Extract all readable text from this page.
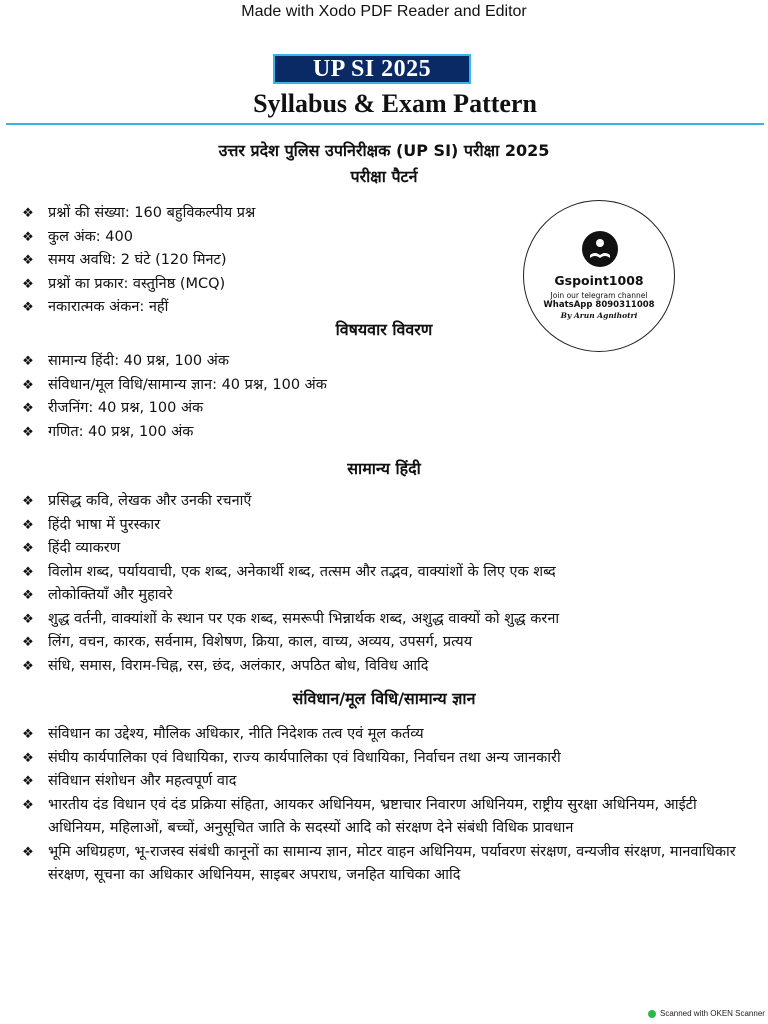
Made with Xodo PDF Reader and Editor
UP SI 2025
Syllabus & Exam Pattern
उत्तर प्रदेश पुलिस उपनिरीक्षक (UP SI) परीक्षा 2025
परीक्षा पैटर्न
❖ प्रश्नों की संख्या: 160 बहुविकल्पीय प्रश्न
❖ कुल अंक: 400
❖ समय अवधि: 2 घंटे (120 मिनट)
❖ प्रश्नों का प्रकार: वस्तुनिष्ठ (MCQ)
❖ नकारात्मक अंकन: नहीं
Gspoint1008
Join our telegram channel
WhatsApp 8090311008
By Arun Agnihotri
विषयवार विवरण
❖ सामान्य हिंदी: 40 प्रश्न, 100 अंक
❖ संविधान/मूल विधि/सामान्य ज्ञान: 40 प्रश्न, 100 अंक
❖ रीजनिंग: 40 प्रश्न, 100 अंक
❖ गणित: 40 प्रश्न, 100 अंक
सामान्य हिंदी
❖ प्रसिद्ध कवि, लेखक और उनकी रचनाएँ
❖ हिंदी भाषा में पुरस्कार
❖ हिंदी व्याकरण
❖ विलोम शब्द, पर्यायवाची, एक शब्द, अनेकार्थी शब्द, तत्सम और तद्भव, वाक्यांशों के लिए एक शब्द
❖ लोकोक्तियाँ और मुहावरे
❖ शुद्ध वर्तनी, वाक्यांशों के स्थान पर एक शब्द, समरूपी भिन्नार्थक शब्द, अशुद्ध वाक्यों को शुद्ध करना
❖ लिंग, वचन, कारक, सर्वनाम, विशेषण, क्रिया, काल, वाच्य, अव्यय, उपसर्ग, प्रत्यय
❖ संधि, समास, विराम-चिह्न, रस, छंद, अलंकार, अपठित बोध, विविध आदि
संविधान/मूल विधि/सामान्य ज्ञान
❖ संविधान का उद्देश्य, मौलिक अधिकार, नीति निदेशक तत्व एवं मूल कर्तव्य
❖ संघीय कार्यपालिका एवं विधायिका, राज्य कार्यपालिका एवं विधायिका, निर्वाचन तथा अन्य जानकारी
❖ संविधान संशोधन और महत्वपूर्ण वाद
❖ भारतीय दंड विधान एवं दंड प्रक्रिया संहिता, आयकर अधिनियम, भ्रष्टाचार निवारण अधिनियम, राष्ट्रीय सुरक्षा अधिनियम, आईटी अधिनियम, महिलाओं, बच्चों, अनुसूचित जाति के सदस्यों आदि को संरक्षण देने संबंधी विधिक प्रावधान
❖ भूमि अधिग्रहण, भू-राजस्व संबंधी कानूनों का सामान्य ज्ञान, मोटर वाहन अधिनियम, पर्यावरण संरक्षण, वन्यजीव संरक्षण, मानवाधिकार संरक्षण, सूचना का अधिकार अधिनियम, साइबर अपराध, जनहित याचिका आदि
Scanned with OKEN Scanner
